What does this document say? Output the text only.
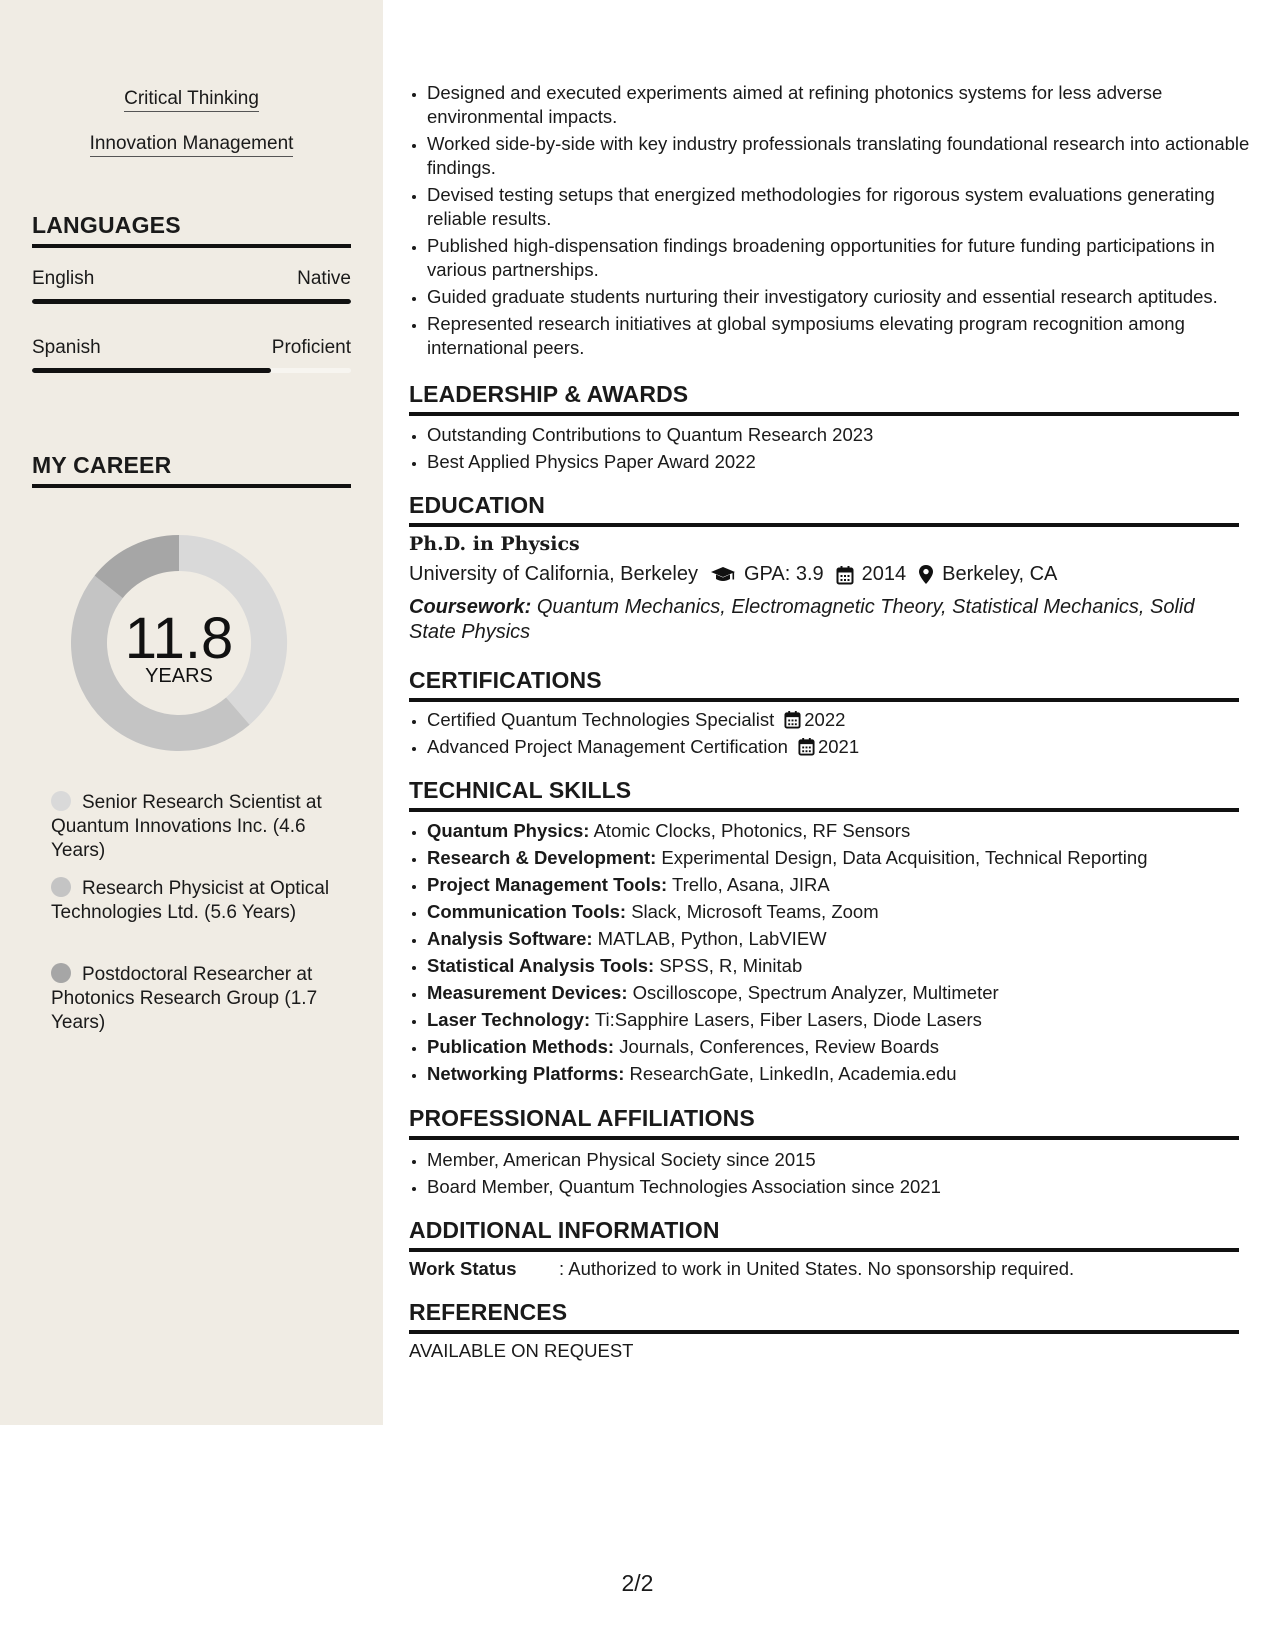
Critical Thinking
Innovation Management
LANGUAGES
English	Native
Spanish	Proficient
MY CAREER
11.8
YEARS
Senior Research Scientist at Quantum Innovations Inc. (4.6 Years)
Research Physicist at Optical Technologies Ltd. (5.6 Years)
Postdoctoral Researcher at Photonics Research Group (1.7 Years)
• Designed and executed experiments aimed at refining photonics systems for less adverse environmental impacts.
• Worked side-by-side with key industry professionals translating foundational research into actionable findings.
• Devised testing setups that energized methodologies for rigorous system evaluations generating reliable results.
• Published high-dispensation findings broadening opportunities for future funding participations in various partnerships.
• Guided graduate students nurturing their investigatory curiosity and essential research aptitudes.
• Represented research initiatives at global symposiums elevating program recognition among international peers.
LEADERSHIP & AWARDS
• Outstanding Contributions to Quantum Research 2023
• Best Applied Physics Paper Award 2022
EDUCATION
Ph.D. in Physics
University of California, Berkeley GPA: 3.9 2014 Berkeley, CA
Coursework: Quantum Mechanics, Electromagnetic Theory, Statistical Mechanics, Solid State Physics
CERTIFICATIONS
• Certified Quantum Technologies Specialist 2022
• Advanced Project Management Certification 2021
TECHNICAL SKILLS
• Quantum Physics: Atomic Clocks, Photonics, RF Sensors
• Research & Development: Experimental Design, Data Acquisition, Technical Reporting
• Project Management Tools: Trello, Asana, JIRA
• Communication Tools: Slack, Microsoft Teams, Zoom
• Analysis Software: MATLAB, Python, LabVIEW
• Statistical Analysis Tools: SPSS, R, Minitab
• Measurement Devices: Oscilloscope, Spectrum Analyzer, Multimeter
• Laser Technology: Ti:Sapphire Lasers, Fiber Lasers, Diode Lasers
• Publication Methods: Journals, Conferences, Review Boards
• Networking Platforms: ResearchGate, LinkedIn, Academia.edu
PROFESSIONAL AFFILIATIONS
• Member, American Physical Society since 2015
• Board Member, Quantum Technologies Association since 2021
ADDITIONAL INFORMATION
Work Status : Authorized to work in United States. No sponsorship required.
REFERENCES
AVAILABLE ON REQUEST
2/2
